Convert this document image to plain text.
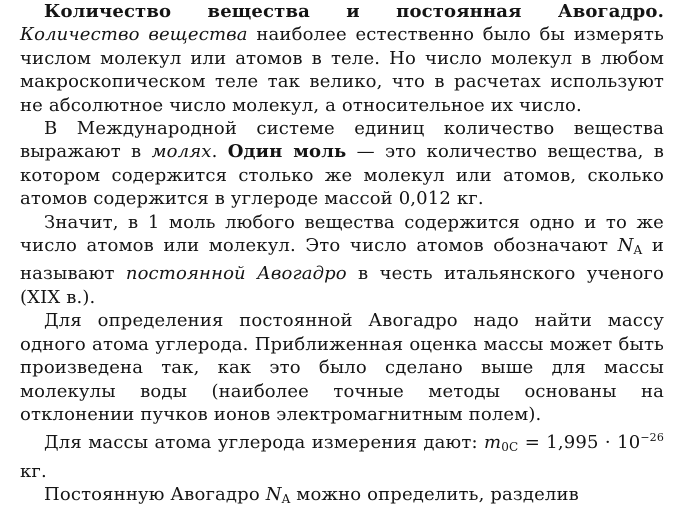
Количество вещества и постоянная Авогадро. Количество вещества наиболее естественно было бы измерять числом молекул или атомов в теле. Но число молекул в любом макроскопическом теле так велико, что в расчетах используют не абсолютное число молекул, а относительное их число.

В Международной системе единиц количество вещества выражают в молях. Один моль — это количество вещества, в котором содержится столько же молекул или атомов, сколько атомов содержится в углероде массой 0,012 кг.

Значит, в 1 моль любого вещества содержится одно и то же число атомов или молекул. Это число атомов обозначают $N_A$ и называют постоянной Авогадро в честь итальянского ученого (XIX в.).

Для определения постоянной Авогадро надо найти массу одного атома углерода. Приближенная оценка массы может быть произведена так, как это было сделано выше для массы молекулы воды (наиболее точные методы основаны на отклонении пучков ионов электромагнитным полем).

Для массы атома углерода измерения дают: $m_{0C} = 1,995 \cdot 10^{-26}$ кг.

Постоянную Авогадро $N_A$ можно определить, разделив
